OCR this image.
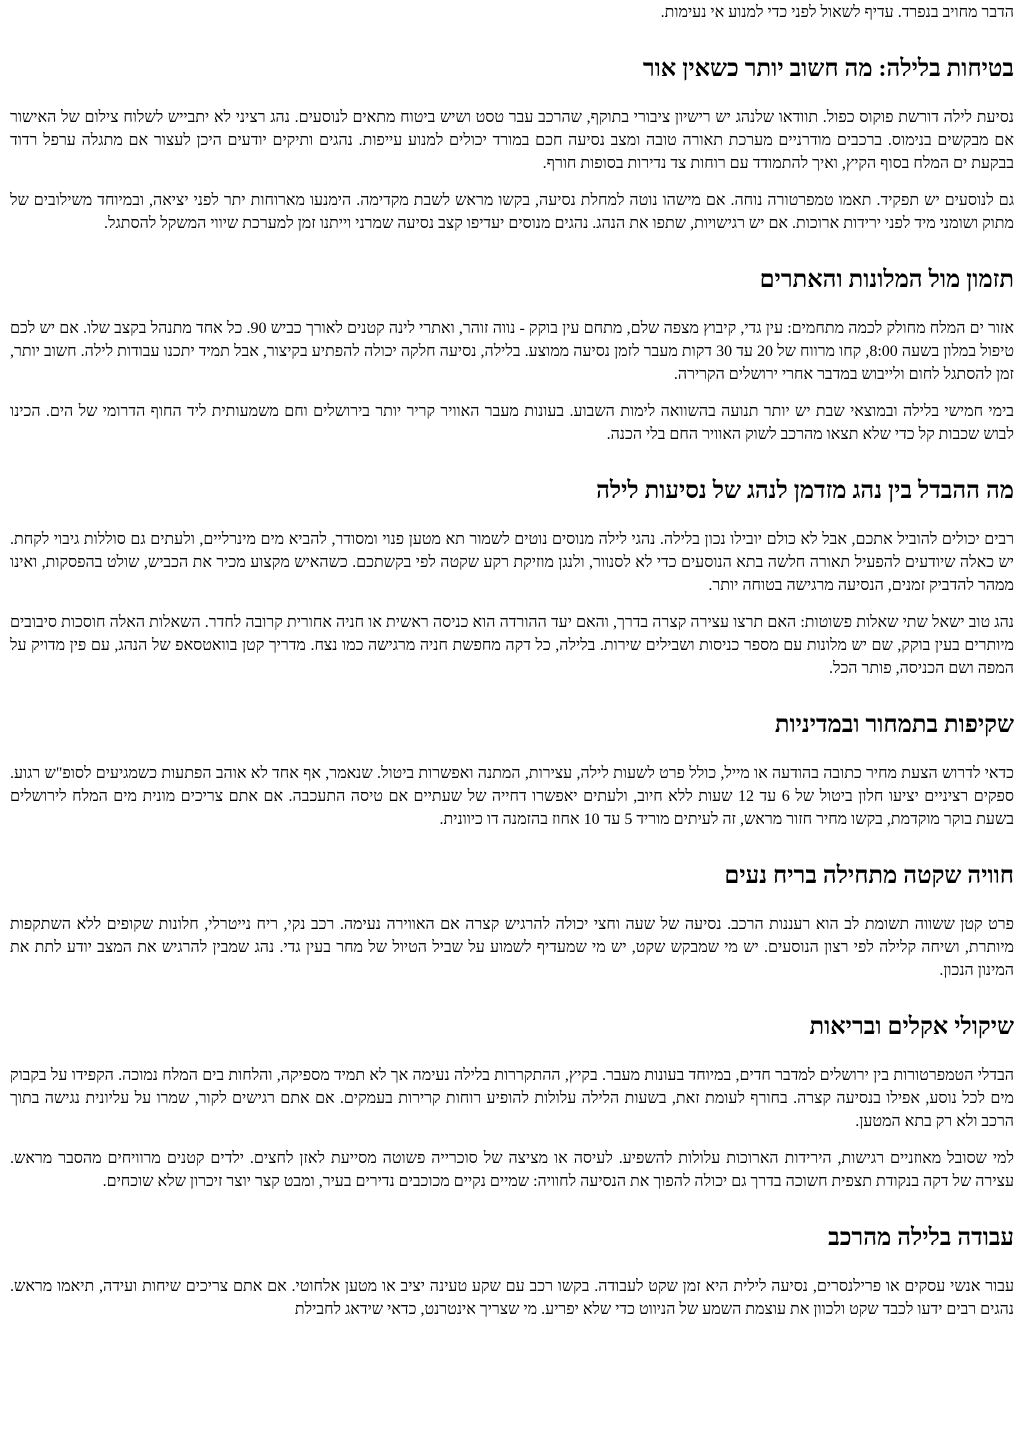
הדבר מחויב בנפרד. עדיף לשאול לפני כדי למנוע אי נעימות.

בטיחות בלילה: מה חשוב יותר כשאין אור

נסיעת לילה דורשת פוקוס כפול. תוודאו שלנהג יש רישיון ציבורי בתוקף, שהרכב עבר טסט ושיש ביטוח מתאים לנוסעים. נהג רציני לא יתבייש לשלוח צילום של האישור אם מבקשים בנימוס. ברכבים מודרניים מערכת תאורה טובה ומצב נסיעה חכם במורד יכולים למנוע עייפות. נהגים ותיקים יודעים היכן לעצור אם מתגלה ערפל רדוד בבקעת ים המלח בסוף הקיץ, ואיך להתמודד עם רוחות צד נדירות בסופות חורף.

גם לנוסעים יש תפקיד. תאמו טמפרטורה נוחה. אם מישהו נוטה למחלת נסיעה, בקשו מראש לשבת מקדימה. הימנעו מארוחות יתר לפני יציאה, ובמיוחד משילובים של מתוק ושומני מיד לפני ירידות ארוכות. אם יש רגישויות, שתפו את הנהג. נהגים מנוסים יעדיפו קצב נסיעה שמרני וייתנו זמן למערכת שיווי המשקל להסתגל.

תזמון מול המלונות והאתרים

אזור ים המלח מחולק לכמה מתחמים: עין גדי, קיבוץ מצפה שלם, מתחם עין בוקק - נווה זוהר, ואתרי לינה קטנים לאורך כביש 90. כל אחד מתנהל בקצב שלו. אם יש לכם טיפול במלון בשעה 8:00, קחו מרווח של 20 עד 30 דקות מעבר לזמן נסיעה ממוצע. בלילה, נסיעה חלקה יכולה להפתיע בקיצור, אבל תמיד יתכנו עבודות לילה. חשוב יותר, זמן להסתגל לחום ולייבוש במדבר אחרי ירושלים הקרירה.

בימי חמישי בלילה ובמוצאי שבת יש יותר תנועה בהשוואה לימות השבוע. בעונות מעבר האוויר קריר יותר בירושלים וחם משמעותית ליד החוף הדרומי של הים. הכינו לבוש שכבות קל כדי שלא תצאו מהרכב לשוק האוויר החם בלי הכנה.

מה ההבדל בין נהג מזדמן לנהג של נסיעות לילה

רבים יכולים להוביל אתכם, אבל לא כולם יובילו נכון בלילה. נהגי לילה מנוסים נוטים לשמור תא מטען פנוי ומסודר, להביא מים מינרליים, ולעתים גם סוללות גיבוי לקחת. יש כאלה שיודעים להפעיל תאורה חלשה בתא הנוסעים כדי לא לסנוור, ולנגן מוזיקת רקע שקטה לפי בקשתכם. כשהאיש מקצוע מכיר את הכביש, שולט בהפסקות, ואינו ממהר להדביק זמנים, הנסיעה מרגישה בטוחה יותר.

נהג טוב ישאל שתי שאלות פשוטות: האם תרצו עצירה קצרה בדרך, והאם יעד ההורדה הוא כניסה ראשית או חניה אחורית קרובה לחדר. השאלות האלה חוסכות סיבובים מיותרים בעין בוקק, שם יש מלונות עם מספר כניסות ושבילים שירות. בלילה, כל דקה מחפשת חניה מרגישה כמו נצח. מדריך קטן בוואטסאפ של הנהג, עם פין מדויק על המפה ושם הכניסה, פותר הכל.

שקיפות בתמחור ובמדיניות

כדאי לדרוש הצעת מחיר כתובה בהודעה או מייל, כולל פרט לשעות לילה, עצירות, המתנה ואפשרות ביטול. שנאמר, אף אחד לא אוהב הפתעות כשמגיעים לסופ"ש רגוע. ספקים רציניים יציעו חלון ביטול של 6 עד 12 שעות ללא חיוב, ולעתים יאפשרו דחייה של שעתיים אם טיסה התעכבה. אם אתם צריכים מונית מים המלח לירושלים בשעת בוקר מוקדמת, בקשו מחיר חזור מראש, זה לעיתים מוריד 5 עד 10 אחוז בהזמנה דו כיוונית.

חוויה שקטה מתחילה בריח נעים

פרט קטן ששווה תשומת לב הוא רעננות הרכב. נסיעה של שעה וחצי יכולה להרגיש קצרה אם האווירה נעימה. רכב נקי, ריח נייטרלי, חלונות שקופים ללא השתקפות מיותרת, ושיחה קלילה לפי רצון הנוסעים. יש מי שמבקש שקט, יש מי שמעדיף לשמוע על שביל הטיול של מחר בעין גדי. נהג שמבין להרגיש את המצב יודע לתת את המינון הנכון.

שיקולי אקלים ובריאות

הבדלי הטמפרטורות בין ירושלים למדבר חדים, במיוחד בעונות מעבר. בקיץ, ההתקררות בלילה נעימה אך לא תמיד מספיקה, והלחות בים המלח נמוכה. הקפידו על בקבוק מים לכל נוסע, אפילו בנסיעה קצרה. בחורף לעומת זאת, בשעות הלילה עלולות להופיע רוחות קרירות בעמקים. אם אתם רגישים לקור, שמרו על עליונית נגישה בתוך הרכב ולא רק בתא המטען.

למי שסובל מאוזניים רגישות, הירידות הארוכות עלולות להשפיע. לעיסה או מציצה של סוכרייה פשוטה מסייעת לאזן לחצים. ילדים קטנים מרוויחים מהסבר מראש. עצירה של דקה בנקודת תצפית חשוכה בדרך גם יכולה להפוך את הנסיעה לחוויה: שמיים נקיים מכוכבים נדירים בעיר, ומבט קצר יוצר זיכרון שלא שוכחים.

עבודה בלילה מהרכב

עבור אנשי עסקים או פרילנסרים, נסיעה לילית היא זמן שקט לעבודה. בקשו רכב עם שקע טעינה יציב או מטען אלחוטי. אם אתם צריכים שיחות ועידה, תיאמו מראש. נהגים רבים ידעו לכבד שקט ולכוון את עוצמת השמע של הניווט כדי שלא יפריע. מי שצריך אינטרנט, כדאי שידאג לחבילת
